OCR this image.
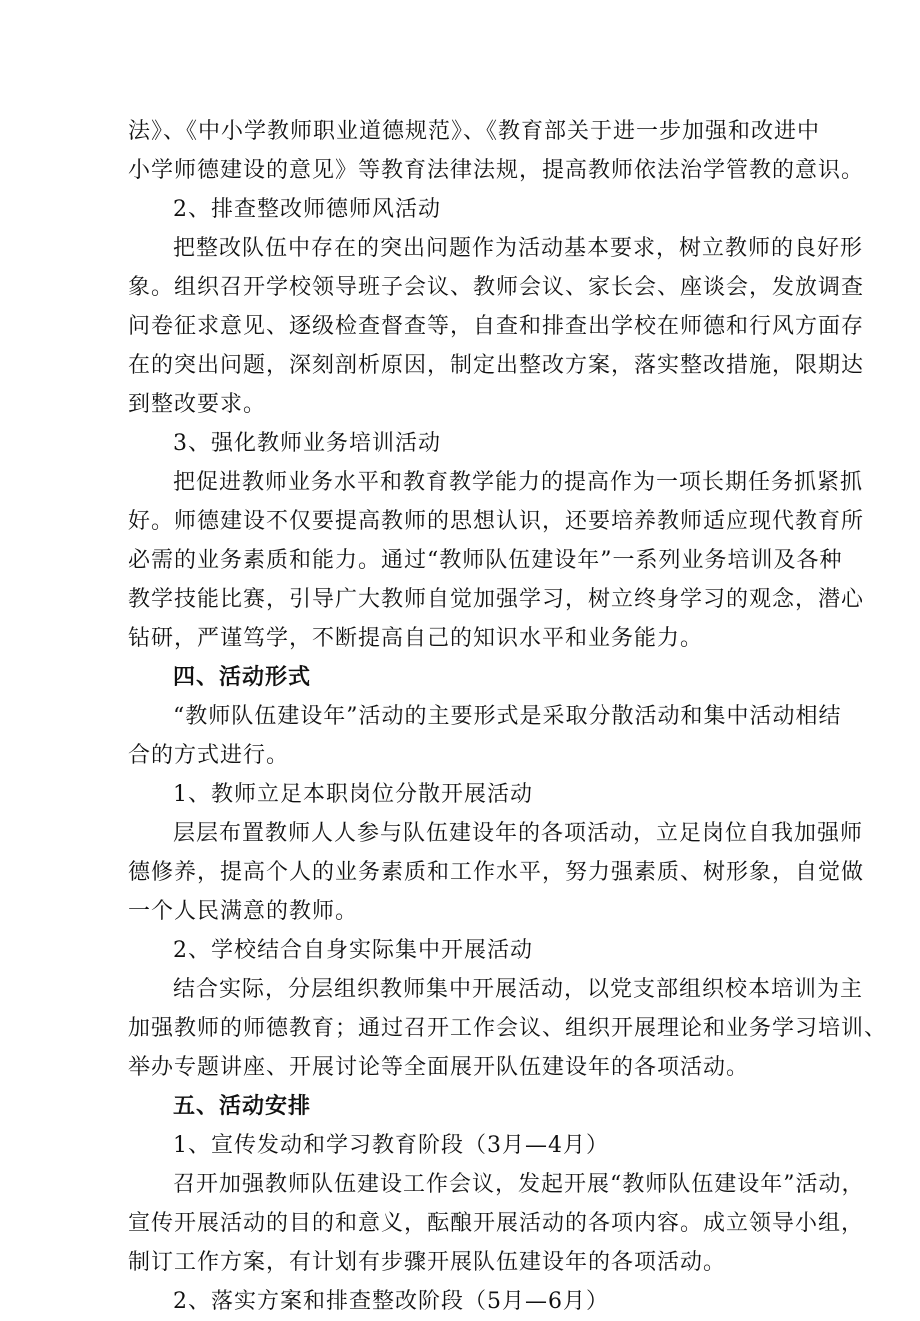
法》、《中小学教师职业道德规范》、《教育部关于进一步加强和改进中
小学师德建设的意见》等教育法律法规，提高教师依法治学管教的意识。
2、排查整改师德师风活动
把整改队伍中存在的突出问题作为活动基本要求，树立教师的良好形
象。组织召开学校领导班子会议、教师会议、家长会、座谈会，发放调查
问卷征求意见、逐级检查督查等，自查和排查出学校在师德和行风方面存
在的突出问题，深刻剖析原因，制定出整改方案，落实整改措施，限期达
到整改要求。
3、强化教师业务培训活动
把促进教师业务水平和教育教学能力的提高作为一项长期任务抓紧抓
好。师德建设不仅要提高教师的思想认识，还要培养教师适应现代教育所
必需的业务素质和能力。通过“教师队伍建设年”一系列业务培训及各种
教学技能比赛，引导广大教师自觉加强学习，树立终身学习的观念，潜心
钻研，严谨笃学，不断提高自己的知识水平和业务能力。
四、活动形式
“教师队伍建设年”活动的主要形式是采取分散活动和集中活动相结
合的方式进行。
1、教师立足本职岗位分散开展活动
层层布置教师人人参与队伍建设年的各项活动，立足岗位自我加强师
德修养，提高个人的业务素质和工作水平，努力强素质、树形象，自觉做
一个人民满意的教师。
2、学校结合自身实际集中开展活动
结合实际，分层组织教师集中开展活动，以党支部组织校本培训为主
加强教师的师德教育；通过召开工作会议、组织开展理论和业务学习培训、
举办专题讲座、开展讨论等全面展开队伍建设年的各项活动。
五、活动安排
1、宣传发动和学习教育阶段（3月—4月）
召开加强教师队伍建设工作会议，发起开展“教师队伍建设年”活动，
宣传开展活动的目的和意义，酝酿开展活动的各项内容。成立领导小组，
制订工作方案，有计划有步骤开展队伍建设年的各项活动。
2、落实方案和排查整改阶段（5月—6月）
